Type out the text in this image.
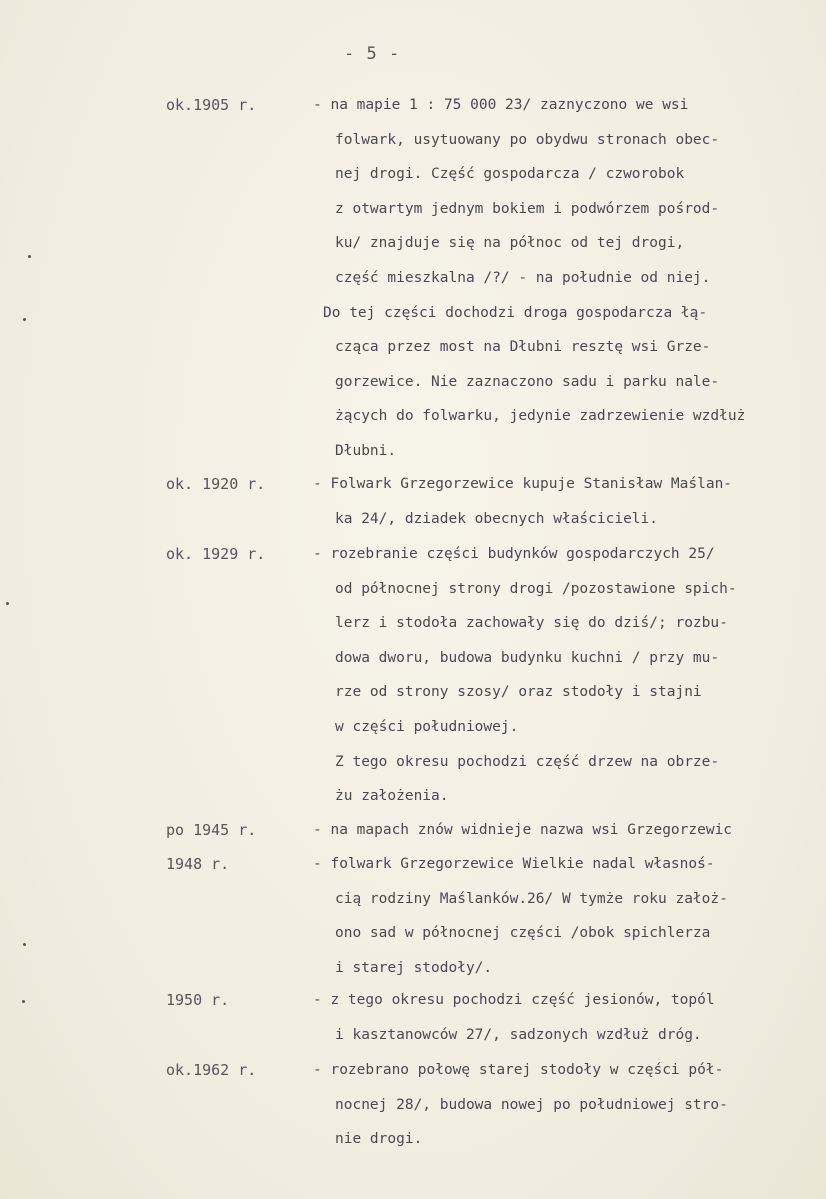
- 5 -
ok.1905 r.	- na mapie 1 : 75 000 23/ zaznyczono we wsi
folwark, usytuowany po obydwu stronach obec-
nej drogi. Część gospodarcza / czworobok
z otwartym jednym bokiem i podwórzem pośrod-
ku/ znajduje się na północ od tej drogi,
część mieszkalna /?/ - na południe od niej.
Do tej części dochodzi droga gospodarcza łą-
cząca przez most na Dłubni resztę wsi Grze-
gorzewice. Nie zaznaczono sadu i parku nale-
żących do folwarku, jedynie zadrzewienie wzdłuż
Dłubni.
ok. 1920 r.	- Folwark Grzegorzewice kupuje Stanisław Maślan-
ka 24/, dziadek obecnych właścicieli.
ok. 1929 r.	- rozebranie części budynków gospodarczych 25/
od północnej strony drogi /pozostawione spich-
lerz i stodoła zachowały się do dziś/; rozbu-
dowa dworu, budowa budynku kuchni / przy mu-
rze od strony szosy/ oraz stodoły i stajni
w części południowej.
Z tego okresu pochodzi część drzew na obrze-
żu założenia.
po 1945 r.	- na mapach znów widnieje nazwa wsi Grzegorzewic
1948 r.	- folwark Grzegorzewice Wielkie nadal własnoś-
cią rodziny Maślanków.26/ W tymże roku założ-
ono sad w północnej części /obok spichlerza
i starej stodoły/.
1950 r.	- z tego okresu pochodzi część jesionów, topól
i kasztanowców 27/, sadzonych wzdłuż dróg.
ok.1962 r.	- rozebrano połowę starej stodoły w części pół-
nocnej 28/, budowa nowej po południowej stro-
nie drogi.
